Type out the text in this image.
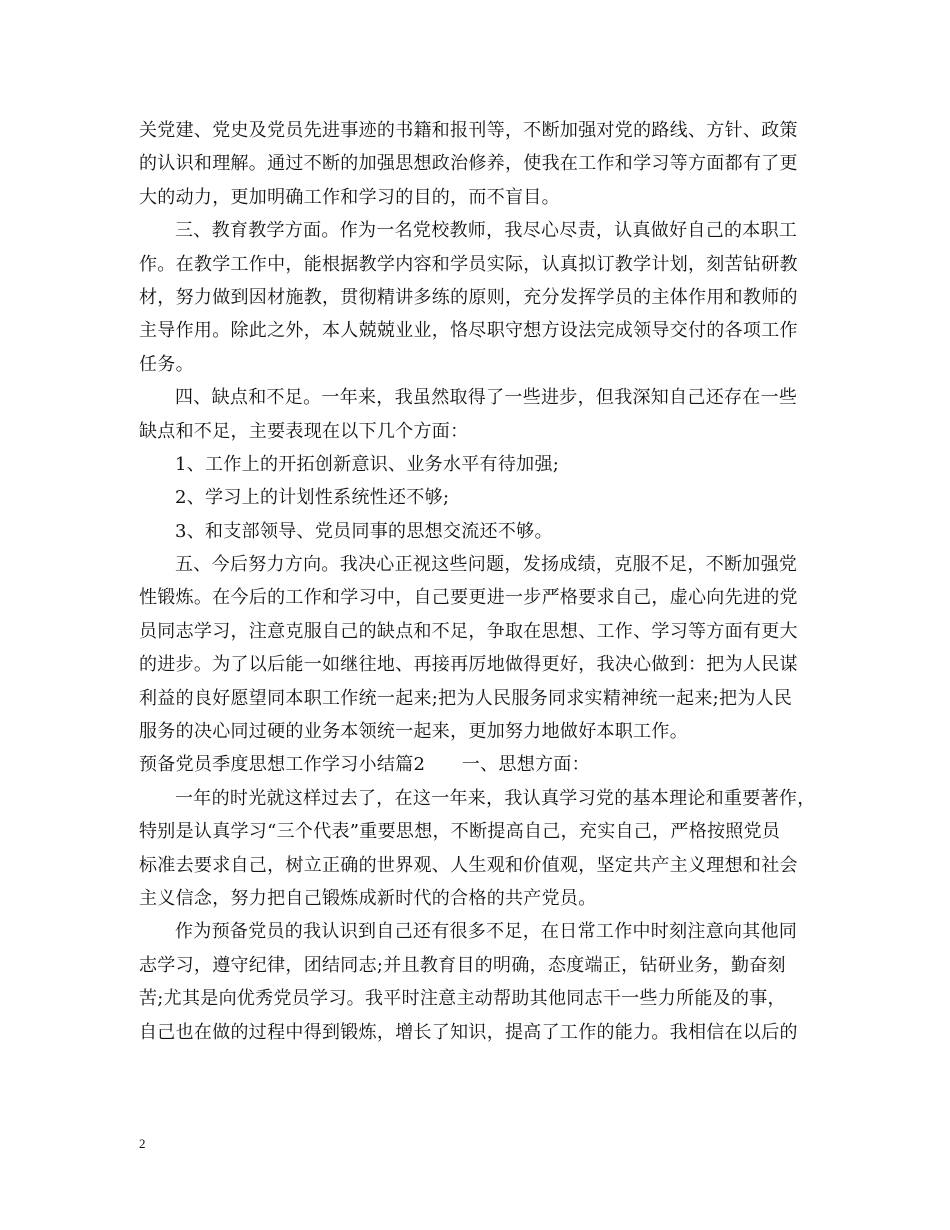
关党建、党史及党员先进事迹的书籍和报刊等，不断加强对党的路线、方针、政策
的认识和理解。通过不断的加强思想政治修养，使我在工作和学习等方面都有了更
大的动力，更加明确工作和学习的目的，而不盲目。
三、教育教学方面。作为一名党校教师，我尽心尽责，认真做好自己的本职工
作。在教学工作中，能根据教学内容和学员实际，认真拟订教学计划，刻苦钻研教
材，努力做到因材施教，贯彻精讲多练的原则，充分发挥学员的主体作用和教师的
主导作用。除此之外，本人兢兢业业，恪尽职守想方设法完成领导交付的各项工作
任务。
四、缺点和不足。一年来，我虽然取得了一些进步，但我深知自己还存在一些
缺点和不足，主要表现在以下几个方面：
1、工作上的开拓创新意识、业务水平有待加强;
2、学习上的计划性系统性还不够;
3、和支部领导、党员同事的思想交流还不够。
五、今后努力方向。我决心正视这些问题，发扬成绩，克服不足，不断加强党
性锻炼。在今后的工作和学习中，自己要更进一步严格要求自己，虚心向先进的党
员同志学习，注意克服自己的缺点和不足，争取在思想、工作、学习等方面有更大
的进步。为了以后能一如继往地、再接再厉地做得更好，我决心做到：把为人民谋
利益的良好愿望同本职工作统一起来;把为人民服务同求实精神统一起来;把为人民
服务的决心同过硬的业务本领统一起来，更加努力地做好本职工作。
预备党员季度思想工作学习小结篇2　　一、思想方面：
一年的时光就这样过去了，在这一年来，我认真学习党的基本理论和重要著作，
特别是认真学习“三个代表”重要思想，不断提高自己，充实自己，严格按照党员
标准去要求自己，树立正确的世界观、人生观和价值观，坚定共产主义理想和社会
主义信念，努力把自己锻炼成新时代的合格的共产党员。
作为预备党员的我认识到自己还有很多不足，在日常工作中时刻注意向其他同
志学习，遵守纪律，团结同志;并且教育目的明确，态度端正，钻研业务，勤奋刻
苦;尤其是向优秀党员学习。我平时注意主动帮助其他同志干一些力所能及的事，
自己也在做的过程中得到锻炼，增长了知识，提高了工作的能力。我相信在以后的
2
